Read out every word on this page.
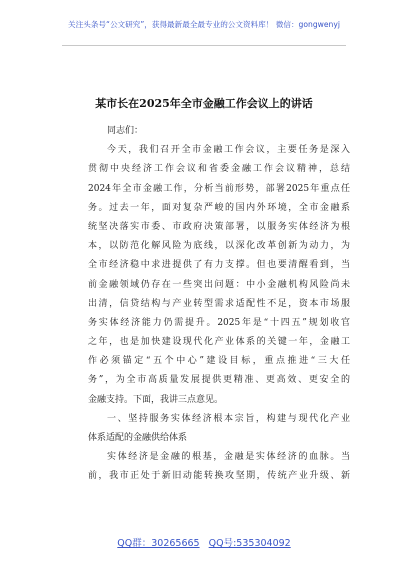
关注头条号“公文研究”，获得最新最全最专业的公文资料库！ 微信：gongwenyj
某市长在2025年全市金融工作会议上的讲话
同志们：
今天，我们召开全市金融工作会议，主要任务是深入
贯彻中央经济工作会议和省委金融工作会议精神，总结
2024年全市金融工作，分析当前形势，部署2025年重点任
务。过去一年，面对复杂严峻的国内外环境，全市金融系
统坚决落实市委、市政府决策部署，以服务实体经济为根
本，以防范化解风险为底线，以深化改革创新为动力，为
全市经济稳中求进提供了有力支撑。但也要清醒看到，当
前金融领域仍存在一些突出问题：中小金融机构风险尚未
出清，信贷结构与产业转型需求适配性不足，资本市场服
务实体经济能力仍需提升。2025年是“十四五”规划收官
之年，也是加快建设现代化产业体系的关键一年，金融工
作必须锚定“五个中心”建设目标，重点推进“三大任
务”，为全市高质量发展提供更精准、更高效、更安全的
金融支持。下面，我讲三点意见。
一、坚持服务实体经济根本宗旨，构建与现代化产业
体系适配的金融供给体系
实体经济是金融的根基，金融是实体经济的血脉。当
前，我市正处于新旧动能转换攻坚期，传统产业升级、新
QQ群：30265665 QQ号:535304092
